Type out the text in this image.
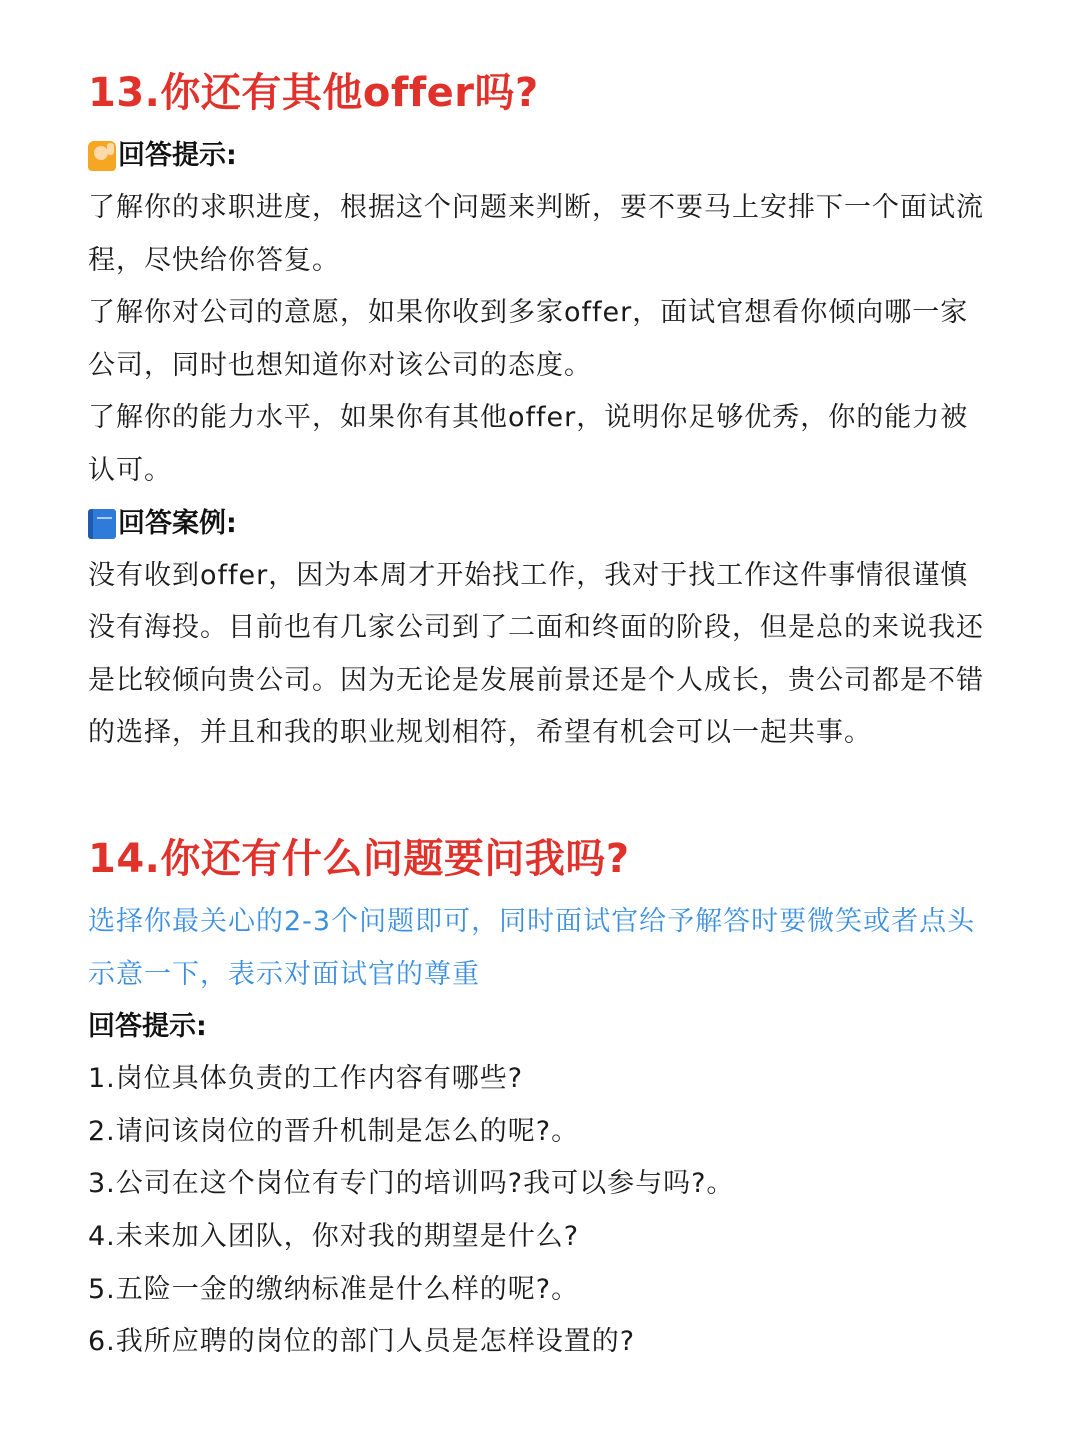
13.你还有其他offer吗?
回答提示:

了解你的求职进度，根据这个问题来判断，要不要马上安排下一个面试流程，尽快给你答复。

了解你对公司的意愿，如果你收到多家offer，面试官想看你倾向哪一家公司，同时也想知道你对该公司的态度。

了解你的能力水平，如果你有其他offer，说明你足够优秀，你的能力被认可。

回答案例:

没有收到offer，因为本周才开始找工作，我对于找工作这件事情很谨慎没有海投。目前也有几家公司到了二面和终面的阶段，但是总的来说我还是比较倾向贵公司。因为无论是发展前景还是个人成长，贵公司都是不错的选择，并且和我的职业规划相符，希望有机会可以一起共事。

14.你还有什么问题要问我吗?

选择你最关心的2-3个问题即可，同时面试官给予解答时要微笑或者点头示意一下，表示对面试官的尊重

回答提示:

1.岗位具体负责的工作内容有哪些?

2.请问该岗位的晋升机制是怎么的呢?。

3.公司在这个岗位有专门的培训吗?我可以参与吗?。

4.未来加入团队，你对我的期望是什么?

5.五险一金的缴纳标准是什么样的呢?。

6.我所应聘的岗位的部门人员是怎样设置的?
